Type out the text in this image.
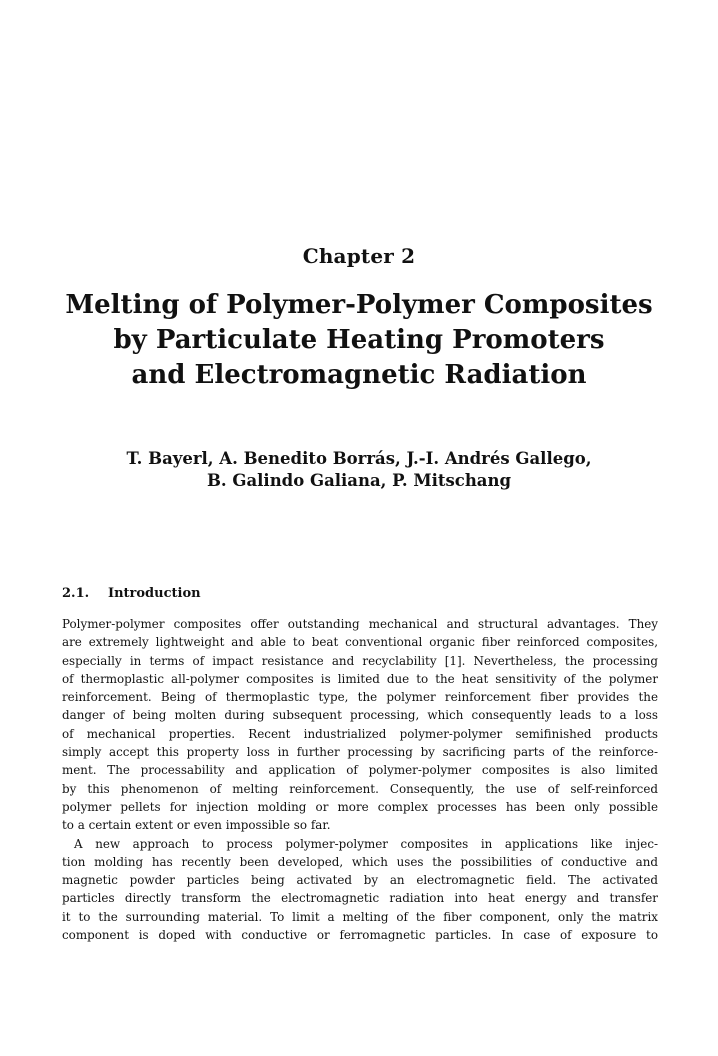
Chapter 2
Melting of Polymer-Polymer Composites
by Particulate Heating Promoters
and Electromagnetic Radiation
T. Bayerl, A. Benedito Borrás, J.-I. Andrés Gallego,
B. Galindo Galiana, P. Mitschang
2.1. Introduction
Polymer-polymer composites offer outstanding mechanical and structural advantages. They
are extremely lightweight and able to beat conventional organic fiber reinforced composites,
especially in terms of impact resistance and recyclability [1]. Nevertheless, the processing
of thermoplastic all-polymer composites is limited due to the heat sensitivity of the polymer
reinforcement. Being of thermoplastic type, the polymer reinforcement fiber provides the
danger of being molten during subsequent processing, which consequently leads to a loss
of mechanical properties. Recent industrialized polymer-polymer semifinished products
simply accept this property loss in further processing by sacrificing parts of the reinforce-
ment. The processability and application of polymer-polymer composites is also limited
by this phenomenon of melting reinforcement. Consequently, the use of self-reinforced
polymer pellets for injection molding or more complex processes has been only possible
to a certain extent or even impossible so far.
A new approach to process polymer-polymer composites in applications like injec-
tion molding has recently been developed, which uses the possibilities of conductive and
magnetic powder particles being activated by an electromagnetic field. The activated
particles directly transform the electromagnetic radiation into heat energy and transfer
it to the surrounding material. To limit a melting of the fiber component, only the matrix
component is doped with conductive or ferromagnetic particles. In case of exposure to
